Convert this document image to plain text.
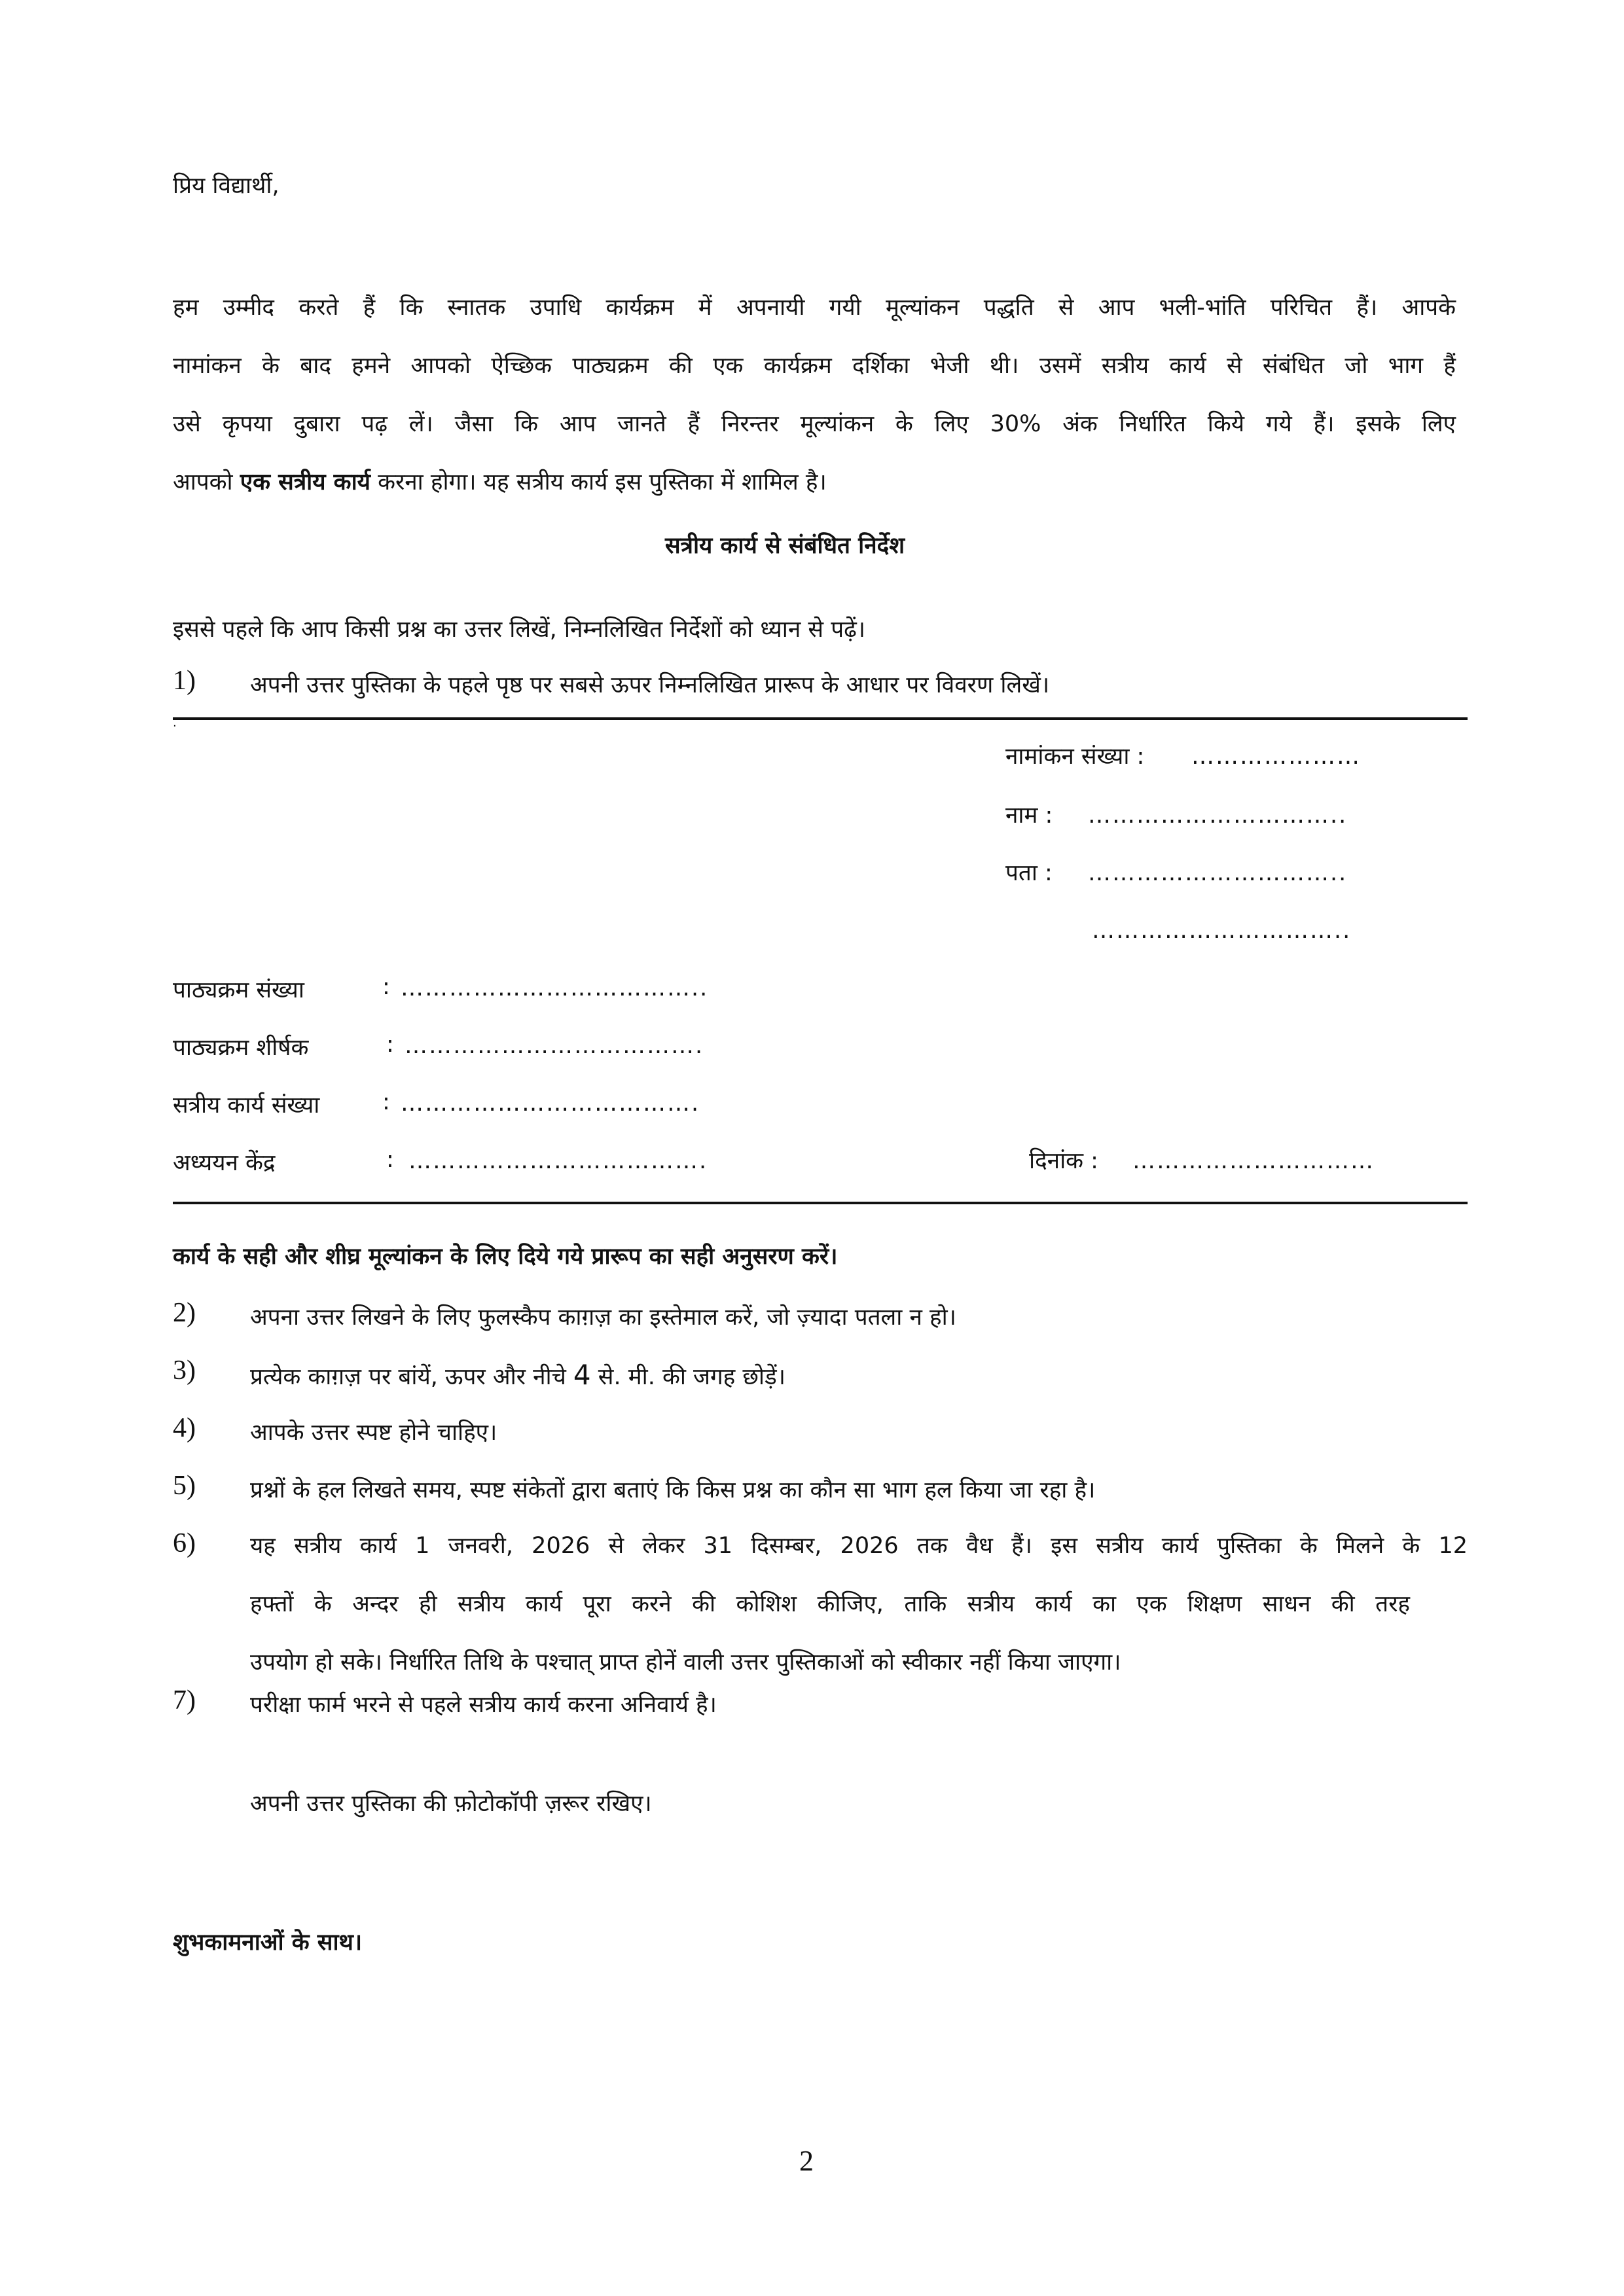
प्रिय विद्यार्थी,
हम उम्मीद करते हैं कि स्नातक उपाधि कार्यक्रम में अपनायी गयी मूल्यांकन पद्धति से आप भली-भांति परिचित हैं। आपके
नामांकन के बाद हमने आपको ऐच्छिक पाठ्यक्रम की एक कार्यक्रम दर्शिका भेजी थी। उसमें सत्रीय कार्य से संबंधित जो भाग हैं
उसे कृपया दुबारा पढ़ लें। जैसा कि आप जानते हैं निरन्तर मूल्यांकन के लिए 30% अंक निर्धारित किये गये हैं। इसके लिए
आपको एक सत्रीय कार्य करना होगा। यह सत्रीय कार्य इस पुस्तिका में शामिल है।
सत्रीय कार्य से संबंधित निर्देश
इससे पहले कि आप किसी प्रश्न का उत्तर लिखें, निम्नलिखित निर्देशों को ध्यान से पढ़ें।
1) अपनी उत्तर पुस्तिका के पहले पृष्ठ पर सबसे ऊपर निम्नलिखित प्रारूप के आधार पर विवरण लिखें।
·
नामांकन संख्या : …………………
नाम : …………………………..
पता : …………………………..
…………………………..
पाठ्यक्रम संख्या	: ………………………………..
पाठ्यक्रम शीर्षक	: ……………………………….
सत्रीय कार्य संख्या	: ……………………………….
अध्ययन केंद्र	: ……………………………….	दिनांक : …………………………
कार्य के सही और शीघ्र मूल्यांकन के लिए दिये गये प्रारूप का सही अनुसरण करें।
2) अपना उत्तर लिखने के लिए फुलस्कैप काग़ज़ का इस्तेमाल करें, जो ज़्यादा पतला न हो।
3) प्रत्येक काग़ज़ पर बांयें, ऊपर और नीचे 4 से. मी. की जगह छोड़ें।
4) आपके उत्तर स्पष्ट होने चाहिए।
5) प्रश्नों के हल लिखते समय, स्पष्ट संकेतों द्वारा बताएं कि किस प्रश्न का कौन सा भाग हल किया जा रहा है।
6) यह सत्रीय कार्य 1 जनवरी, 2026 से लेकर 31 दिसम्बर, 2026 तक वैध हैं। इस सत्रीय कार्य पुस्तिका के मिलने के 12
हफ्तों के अन्दर ही सत्रीय कार्य पूरा करने की कोशिश कीजिए, ताकि सत्रीय कार्य का एक शिक्षण साधन की तरह
उपयोग हो सके। निर्धारित तिथि के पश्चात् प्राप्त होनें वाली उत्तर पुस्तिकाओं को स्वीकार नहीं किया जाएगा।
7) परीक्षा फार्म भरने से पहले सत्रीय कार्य करना अनिवार्य है।
अपनी उत्तर पुस्तिका की फ़ोटोकॉपी ज़रूर रखिए।
शुभकामनाओं के साथ।
2
